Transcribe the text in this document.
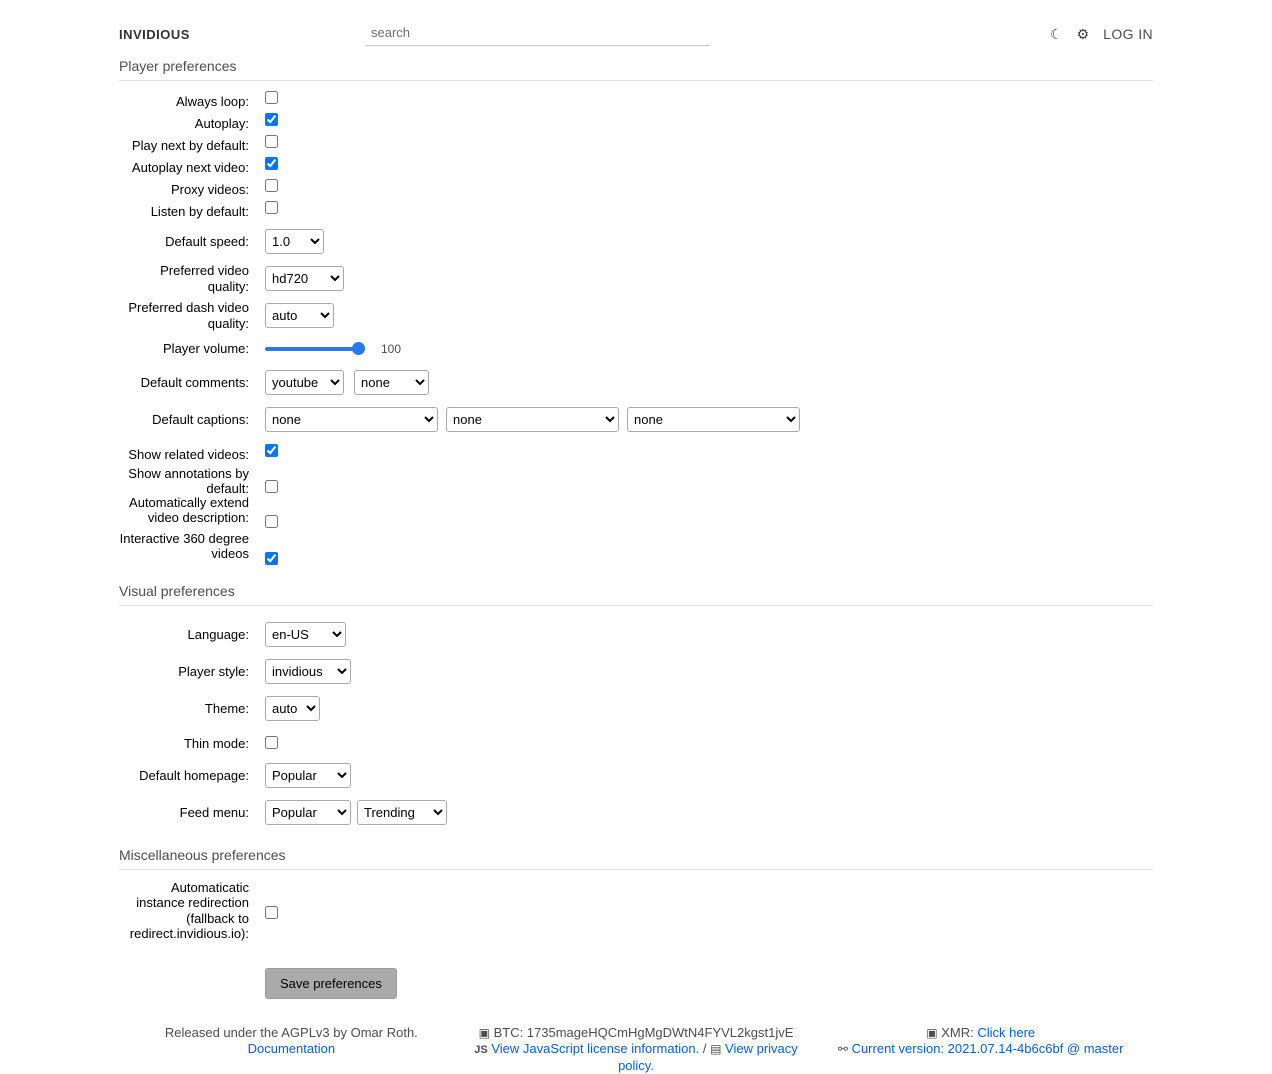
INVIDIOUS
search	☾ ⚙ LOG IN
Player preferences
Always loop:
Autoplay:
Play next by default:
Autoplay next video:
Proxy videos:
Listen by default:
Default speed:
1.0
Preferred video quality:
hd720
Preferred dash video quality:
auto
Player volume:	100
Default comments:
youtube
none
Default captions:
none
none
none
Show related videos:
Show annotations by default:
Automatically extend video description:
Interactive 360 degree videos
Visual preferences
Language:
en-US
Player style:
invidious
Theme:
auto
Thin mode:
Default homepage:
Popular
Feed menu:
Popular
Trending
Miscellaneous preferences
Automaticatic instance redirection (fallback to redirect.invidious.io):
Save preferences
Released under the AGPLv3 by Omar Roth.
Documentation
▣ BTC: 1735mageHQCmHgMgDWtN4FYVL2kgst1jvE
JS View JavaScript license information. / ▤ View privacy policy.
▣ XMR: Click here
⚯ Current version: 2021.07.14-4b6c6bf @ master
